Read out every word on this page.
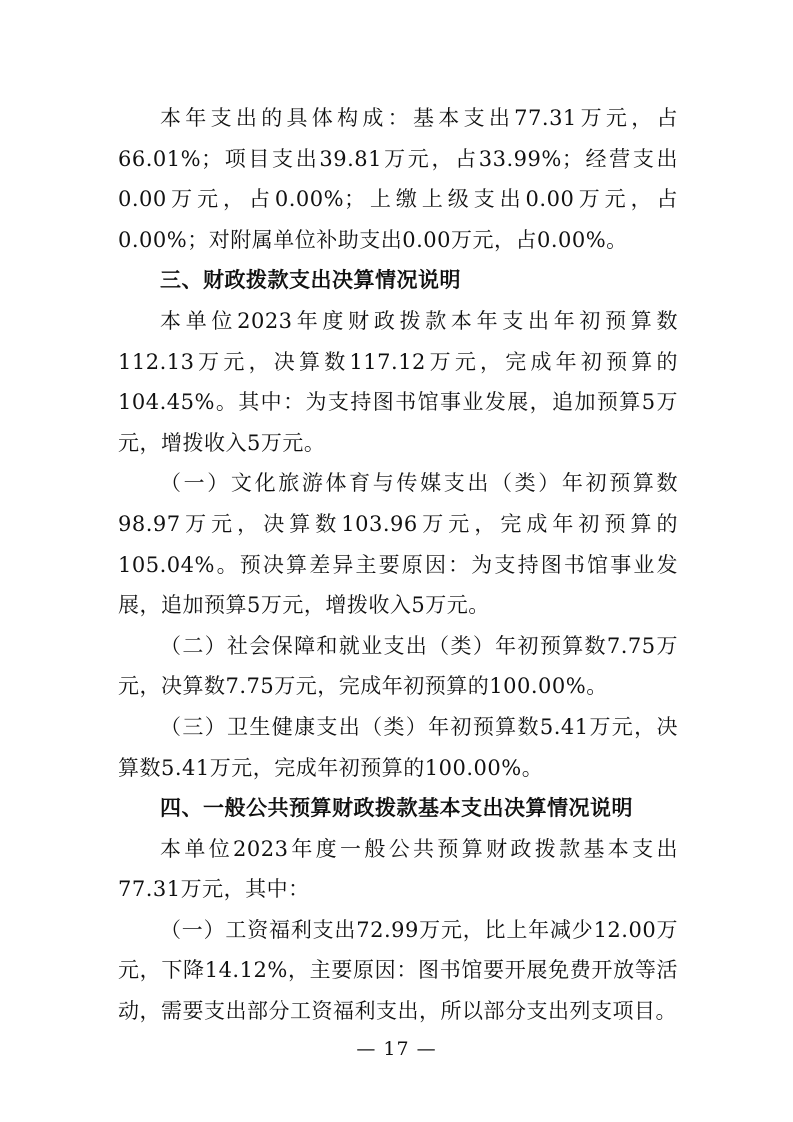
本年支出的具体构成：基本支出77.31万元，占66.01%；项目支出39.81万元，占33.99%；经营支出0.00万元，占0.00%；上缴上级支出0.00万元，占0.00%；对附属单位补助支出0.00万元，占0.00%。

三、财政拨款支出决算情况说明

本单位2023年度财政拨款本年支出年初预算数112.13万元，决算数117.12万元，完成年初预算的104.45%。其中：为支持图书馆事业发展，追加预算5万元，增拨收入5万元。

（一）文化旅游体育与传媒支出（类）年初预算数98.97万元，决算数103.96万元，完成年初预算的105.04%。预决算差异主要原因：为支持图书馆事业发展，追加预算5万元，增拨收入5万元。

（二）社会保障和就业支出（类）年初预算数7.75万元，决算数7.75万元，完成年初预算的100.00%。

（三）卫生健康支出（类）年初预算数5.41万元，决算数5.41万元，完成年初预算的100.00%。

四、一般公共预算财政拨款基本支出决算情况说明

本单位2023年度一般公共预算财政拨款基本支出77.31万元，其中：

（一）工资福利支出72.99万元，比上年减少12.00万元，下降14.12%，主要原因：图书馆要开展免费开放等活动，需要支出部分工资福利支出，所以部分支出列支项目。

— 17 —
